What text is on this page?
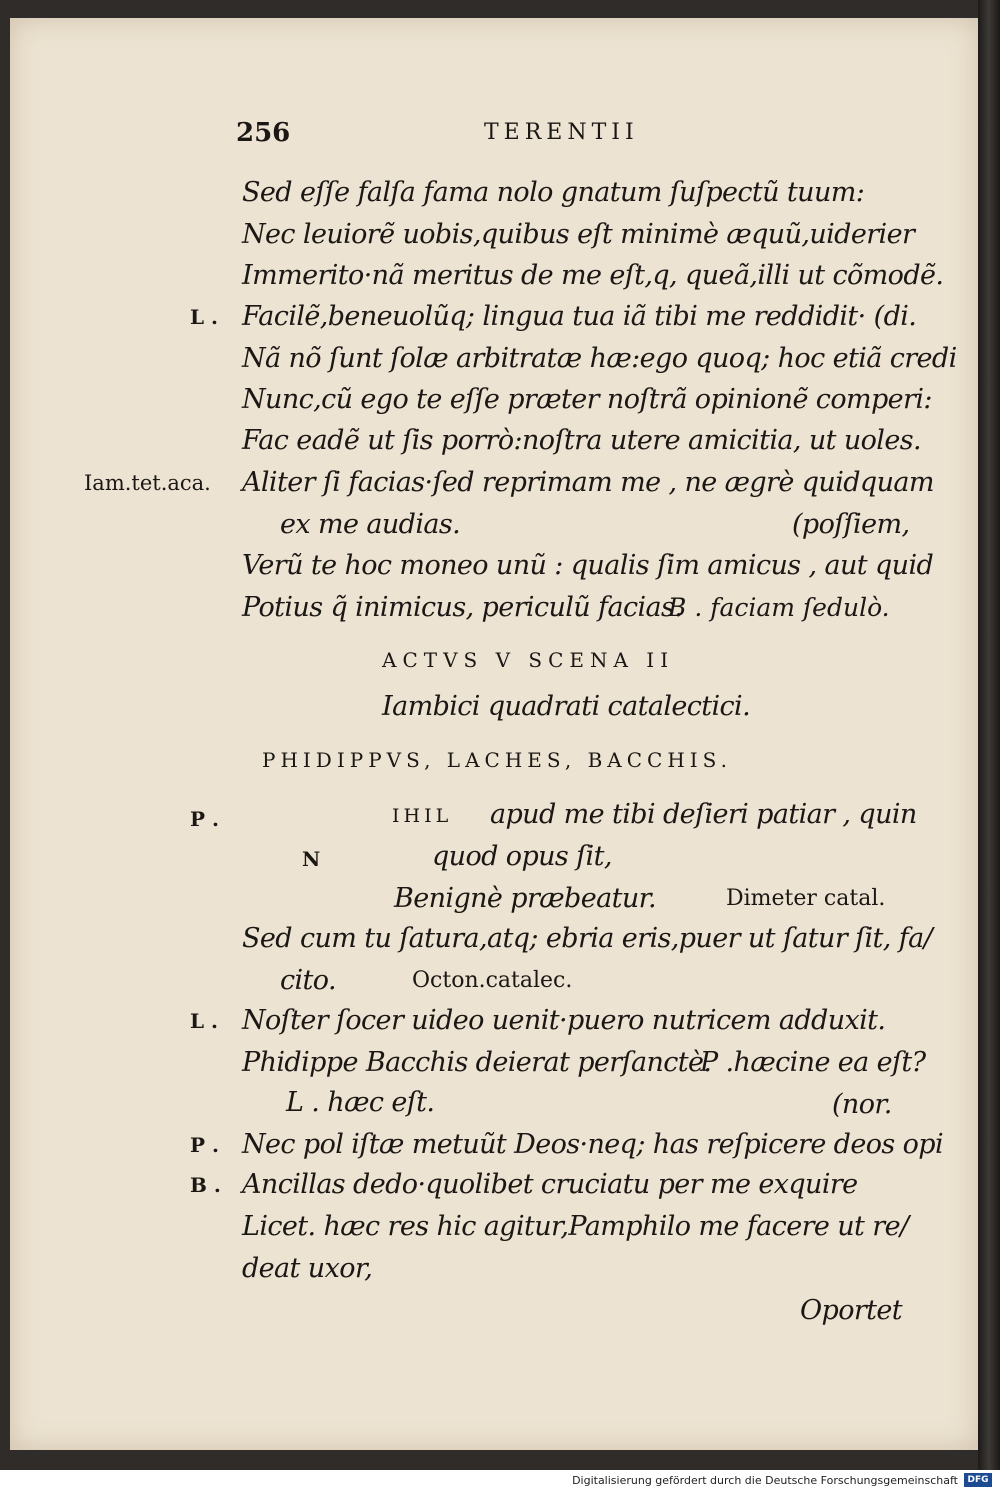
256	TERENTII
Sed eſſe falſa fama nolo gnatum ſuſpectũ tuum:
Nec leuiorẽ uobis,quibus eſt minimè æquũ,uiderier
Immerito·nã meritus de me eſt,q, queã,illi ut cõmodẽ.
L . Facilẽ,beneuolũq; lingua tua iã tibi me reddidit· (di.
Nã nõ ſunt ſolæ arbitratæ hæ:ego quoq; hoc etiã credi
Nunc,cũ ego te eſſe præter noſtrã opinionẽ comperi:
Fac eadẽ ut ſis porrò:noſtra utere amicitia, ut uoles.
Iam.tet.aca. Aliter ſi facias·ſed reprimam me , ne ægrè quidquam
ex me audias.	(poſſiem,
Verũ te hoc moneo unũ : qualis ſim amicus , aut quid
Potius q̃ inimicus, periculũ facias.
B . faciam ſedulò.
ACTVS V SCENA II
Iambici quadrati catalectici.
PHIDIPPVS, LACHES, BACCHIS.
P .	IHIL apud me tibi deſieri patiar , quin
N	quod opus ſit,
Benignè præbeatur.	Dimeter catal.
Sed cum tu ſatura,atq; ebria eris,puer ut ſatur ſit, fa/
cito.	Octon.catalec.
L . Noſter ſocer uideo uenit·puero nutricem adduxit.
Phidippe Bacchis deierat perſanctè.
P .hæcine ea eſt?
L . hæc eſt.	(nor.
P . Nec pol iſtæ metuũt Deos·neq; has reſpicere deos opi
B . Ancillas dedo·quolibet cruciatu per me exquire
Licet. hæc res hic agitur,Pamphilo me facere ut re/
deat uxor,
Oportet
Digitalisierung gefördert durch die Deutsche Forschungsgemeinschaft	DFG
